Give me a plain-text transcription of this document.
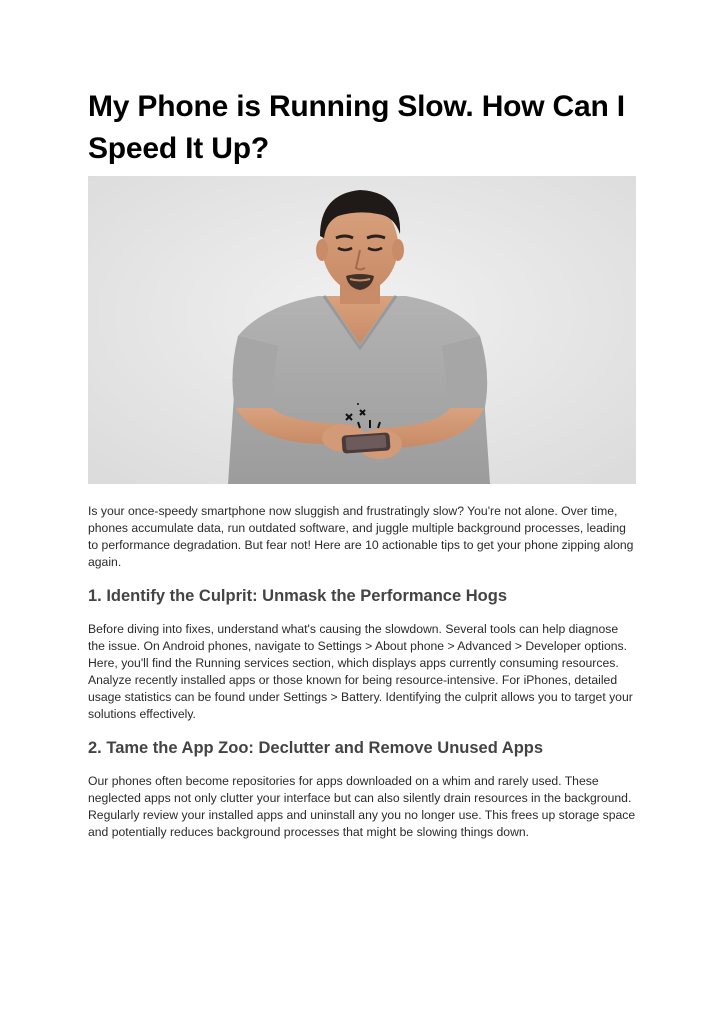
My Phone is Running Slow. How Can I Speed It Up?

Is your once-speedy smartphone now sluggish and frustratingly slow? You're not alone. Over time, phones accumulate data, run outdated software, and juggle multiple background processes, leading to performance degradation. But fear not! Here are 10 actionable tips to get your phone zipping along again.

1. Identify the Culprit: Unmask the Performance Hogs

Before diving into fixes, understand what's causing the slowdown. Several tools can help diagnose the issue. On Android phones, navigate to Settings > About phone > Advanced > Developer options. Here, you'll find the Running services section, which displays apps currently consuming resources. Analyze recently installed apps or those known for being resource-intensive. For iPhones, detailed usage statistics can be found under Settings > Battery. Identifying the culprit allows you to target your solutions effectively.

2. Tame the App Zoo: Declutter and Remove Unused Apps

Our phones often become repositories for apps downloaded on a whim and rarely used. These neglected apps not only clutter your interface but can also silently drain resources in the background. Regularly review your installed apps and uninstall any you no longer use. This frees up storage space and potentially reduces background processes that might be slowing things down.
